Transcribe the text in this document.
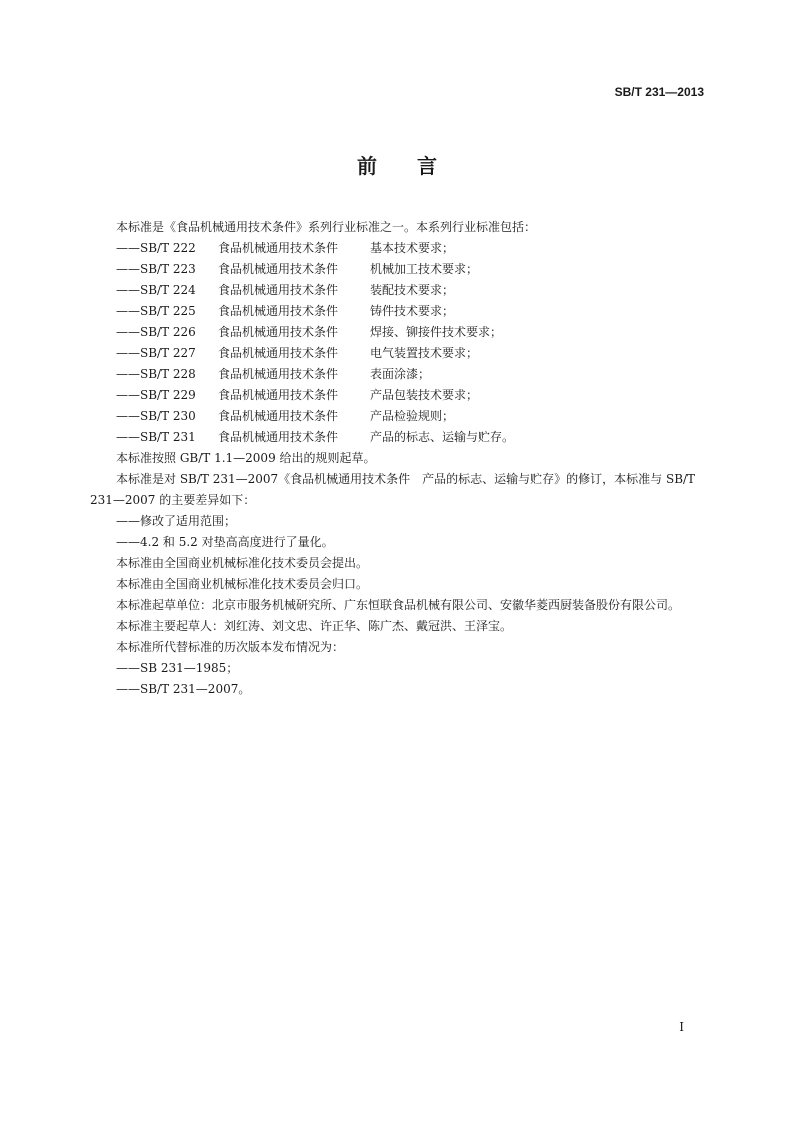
SB/T 231—2013
前言

本标准是《食品机械通用技术条件》系列行业标准之一。本系列行业标准包括：

——SB/T 222 食品机械通用技术条件	基本技术要求；

——SB/T 223 食品机械通用技术条件	机械加工技术要求；

——SB/T 224 食品机械通用技术条件	装配技术要求；

——SB/T 225 食品机械通用技术条件	铸件技术要求；

——SB/T 226 食品机械通用技术条件	焊接、铆接件技术要求；

——SB/T 227 食品机械通用技术条件	电气装置技术要求；

——SB/T 228 食品机械通用技术条件	表面涂漆；

——SB/T 229 食品机械通用技术条件	产品包装技术要求；

——SB/T 230 食品机械通用技术条件	产品检验规则；

——SB/T 231 食品机械通用技术条件	产品的标志、运输与贮存。

本标准按照 GB/T 1.1—2009 给出的规则起草。

本标准是对 SB/T 231—2007《食品机械通用技术条件　产品的标志、运输与贮存》的修订，本标准与 SB/T 231—2007 的主要差异如下：

——修改了适用范围；

——4.2 和 5.2 对垫高高度进行了量化。

本标准由全国商业机械标准化技术委员会提出。

本标准由全国商业机械标准化技术委员会归口。

本标准起草单位：北京市服务机械研究所、广东恒联食品机械有限公司、安徽华菱西厨装备股份有限公司。

本标准主要起草人：刘红涛、刘文忠、许正华、陈广杰、戴冠洪、王泽宝。

本标准所代替标准的历次版本发布情况为：

——SB 231—1985；

——SB/T 231—2007。

I
